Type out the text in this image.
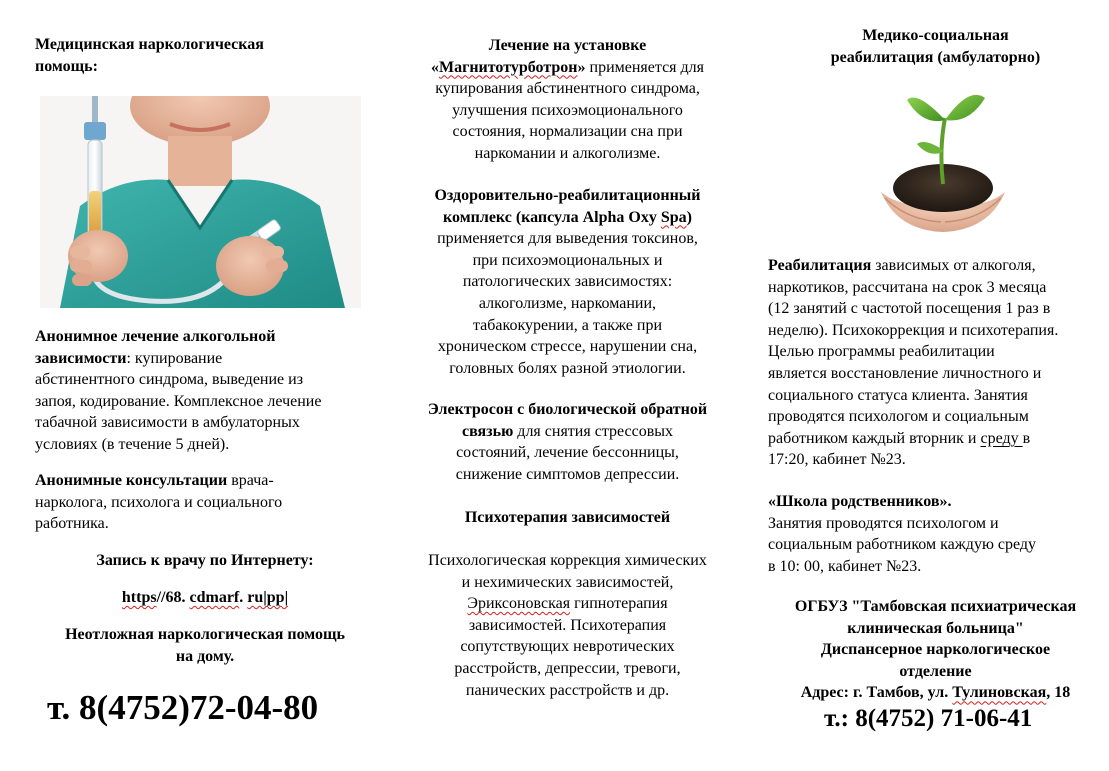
Медицинская наркологическая
помощь:
Анонимное лечение алкогольной
зависимости: купирование
абстинентного синдрома, выведение из
запоя, кодирование. Комплексное лечение
табачной зависимости в амбулаторных
условиях (в течение 5 дней).
Анонимные консультации врача-
нарколога, психолога и социального
работника.
Запись к врачу по Интернету:
https//68. cdmarf. ru|pp|
Неотложная наркологическая помощь
на дому.
т. 8(4752)72-04-80
Лечение на установке
«Магнитотурботрон» применяется для
купирования абстинентного синдрома,
улучшения психоэмоционального
состояния, нормализации сна при
наркомании и алкоголизме.
Оздоровительно-реабилитационный
комплекс (капсула Alpha Oxy Spa)
применяется для выведения токсинов,
при психоэмоциональных и
патологических зависимостях:
алкоголизме, наркомании,
табакокурении, а также при
хроническом стрессе, нарушении сна,
головных болях разной этиологии.
Электросон с биологической обратной
связью для снятия стрессовых
состояний, лечение бессонницы,
снижение симптомов депрессии.
Психотерапия зависимостей
Психологическая коррекция химических
и нехимических зависимостей,
Эриксоновская гипнотерапия
зависимостей. Психотерапия
сопутствующих невротических
расстройств, депрессии, тревоги,
панических расстройств и др.
Медико-социальная
реабилитация (амбулаторно)
Реабилитация зависимых от алкоголя,
наркотиков, рассчитана на срок 3 месяца
(12 занятий с частотой посещения 1 раз в
неделю). Психокоррекция и психотерапия.
Целью программы реабилитации
является восстановление личностного и
социального статуса клиента. Занятия
проводятся психологом и социальным
работником каждый вторник и среду в
17:20, кабинет №23.
«Школа родственников».
Занятия проводятся психологом и
социальным работником каждую среду
в 10: 00, кабинет №23.
ОГБУЗ "Тамбовская психиатрическая
клиническая больница"
Диспансерное наркологическое
отделение
Адрес: г. Тамбов, ул. Тулиновская, 18
т.: 8(4752) 71-06-41
